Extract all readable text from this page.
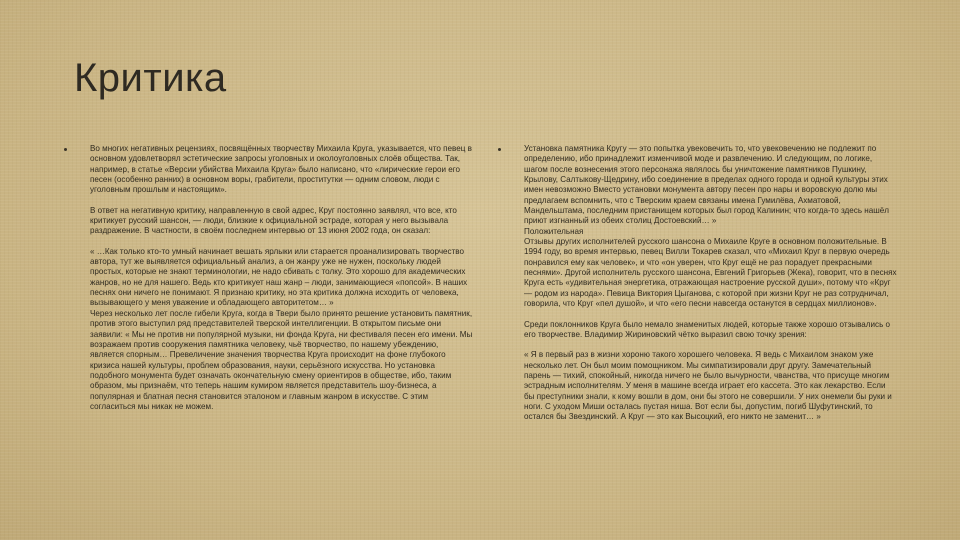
Критика

Во многих негативных рецензиях, посвящённых творчеству Михаила Круга, указывается, что певец в основном удовлетворял эстетические запросы уголовных и околоуголовных слоёв общества. Так, например, в статье «Версии убийства Михаила Круга» было написано, что «лирические герои его песен (особенно ранних) в основном воры, грабители, проститутки — одним словом, люди с уголовным прошлым и настоящим».

В ответ на негативную критику, направленную в свой адрес, Круг постоянно заявлял, что все, кто критикует русский шансон, — люди, близкие к официальной эстраде, которая у него вызывала раздражение. В частности, в своём последнем интервью от 13 июня 2002 года, он сказал:

« …Как только кто-то умный начинает вешать ярлыки или старается проанализировать творчество автора, тут же выявляется официальный анализ, а он жанру уже не нужен, поскольку людей простых, которые не знают терминологии, не надо сбивать с толку. Это хорошо для академических жанров, но не для нашего. Ведь кто критикует наш жанр – люди, занимающиеся «попсой». В наших песнях они ничего не понимают. Я признаю критику, но эта критика должна исходить от человека, вызывающего у меня уважение и обладающего авторитетом… »
Через несколько лет после гибели Круга, когда в Твери было принято решение установить памятник, против этого выступил ряд представителей тверской интеллигенции. В открытом письме они заявили: « Мы не против ни популярной музыки, ни фонда Круга, ни фестиваля песен его имени. Мы возражаем против сооружения памятника человеку, чьё творчество, по нашему убеждению, является спорным… Превеличение значения творчества Круга происходит на фоне глубокого кризиса нашей культуры, проблем образования, науки, серьёзного искусства. Но установка подобного монумента будет означать окончательную смену ориентиров в обществе, ибо, таким образом, мы признаём, что теперь нашим кумиром является представитель шоу-бизнеса, а популярная и блатная песня становится эталоном и главным жанром в искусстве. С этим согласиться мы никак не можем.

Установка памятника Кругу — это попытка увековечить то, что увековечению не подлежит по определению, ибо принадлежит изменчивой моде и развлечению. И следующим, по логике, шагом после вознесения этого персонажа являлось бы уничтожение памятников Пушкину, Крылову, Салтыкову-Щедрину, ибо соединение в пределах одного города и одной культуры этих имен невозможно Вместо установки монумента автору песен про нары и воровскую долю мы предлагаем вспомнить, что с Тверским краем связаны имена Гумилёва, Ахматовой, Мандельштама, последним пристанищем которых был город Калинин; что когда-то здесь нашёл приют изгнанный из обеих столиц Достоевский… »
Положительная
Отзывы других исполнителей русского шансона о Михаиле Круге в основном положительные. В 1994 году, во время интервью, певец Вилли Токарев сказал, что «Михаил Круг в первую очередь понравился ему как человек», и что «он уверен, что Круг ещё не раз порадует прекрасными песнями». Другой исполнитель русского шансона, Евгений Григорьев (Жека), говорит, что в песнях Круга есть «удивительная энергетика, отражающая настроение русской души», потому что «Круг — родом из народа». Певица Виктория Цыганова, с которой при жизни Круг не раз сотрудничал, говорила, что Круг «пел душой», и что «его песни навсегда останутся в сердцах миллионов».

Среди поклонников Круга было немало знаменитых людей, которые также хорошо отзывались о его творчестве. Владимир Жириновский чётко выразил свою точку зрения:

« Я в первый раз в жизни хороню такого хорошего человека. Я ведь с Михаилом знаком уже несколько лет. Он был моим помощником. Мы симпатизировали друг другу. Замечательный парень — тихий, спокойный, никогда ничего не было вычурности, чванства, что присуще многим эстрадным исполнителям. У меня в машине всегда играет его кассета. Это как лекарство. Если бы преступники знали, к кому вошли в дом, они бы этого не совершили. У них онемели бы руки и ноги. С уходом Миши осталась пустая ниша. Вот если бы, допустим, погиб Шуфутинский, то остался бы Звездинский. А Круг — это как Высоцкий, его никто не заменит… »
